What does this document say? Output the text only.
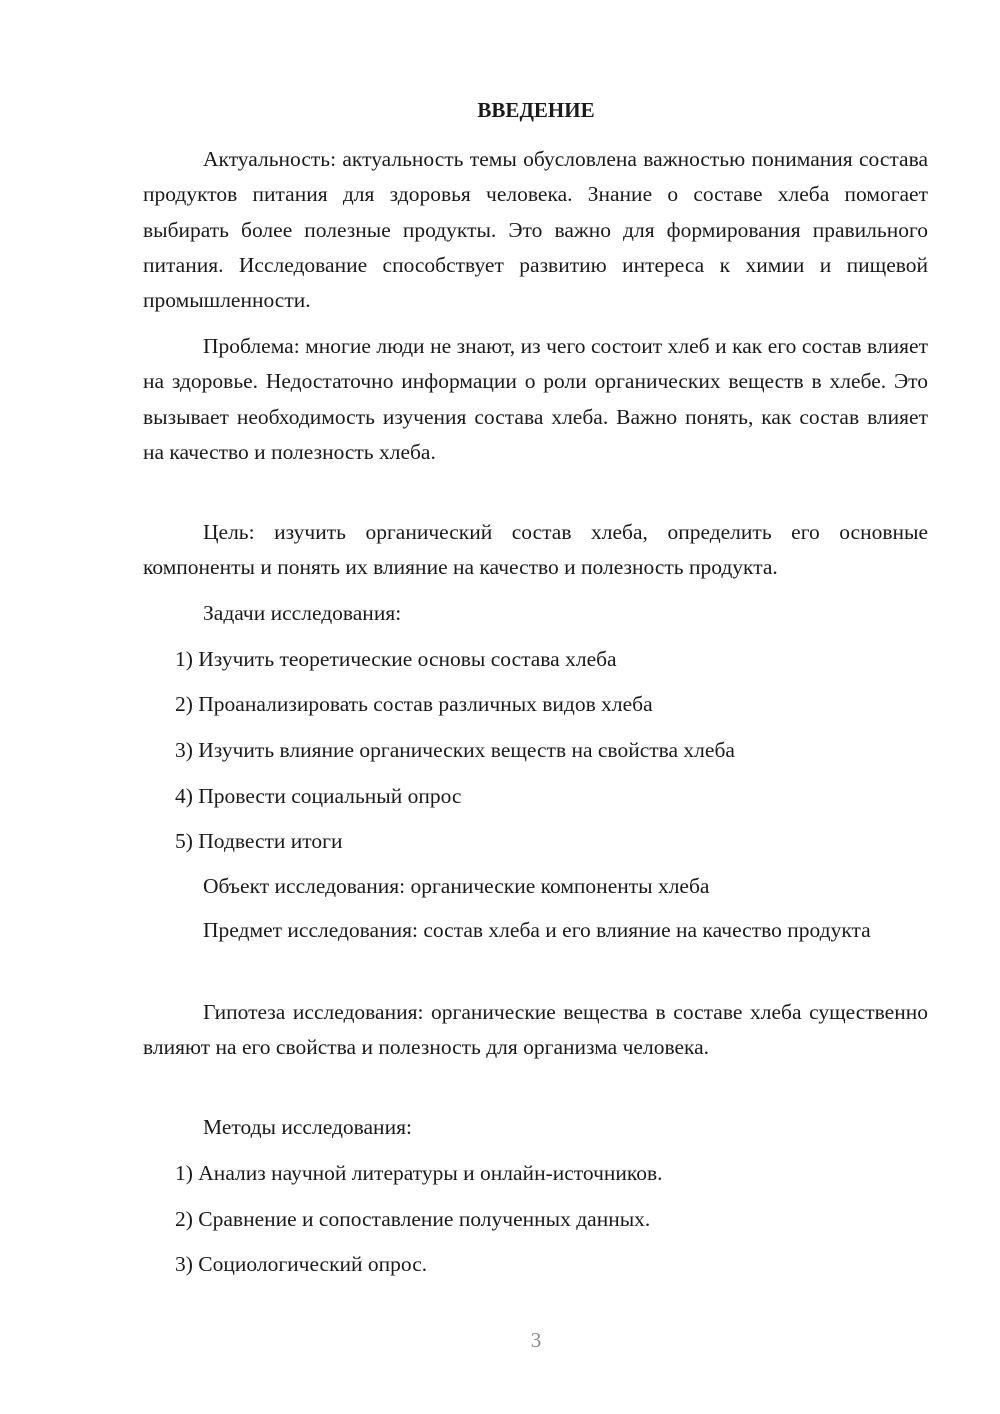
ВВЕДЕНИЕ

Актуальность: актуальность темы обусловлена важностью понимания состава продуктов питания для здоровья человека. Знание о составе хлеба помогает выбирать более полезные продукты. Это важно для формирования правильного питания. Исследование способствует развитию интереса к химии и пищевой промышленности.

Проблема: многие люди не знают, из чего состоит хлеб и как его состав влияет на здоровье. Недостаточно информации о роли органических веществ в хлебе. Это вызывает необходимость изучения состава хлеба. Важно понять, как состав влияет на качество и полезность хлеба.

Цель: изучить органический состав хлеба, определить его основные компоненты и понять их влияние на качество и полезность продукта.

Задачи исследования:

1) Изучить теоретические основы состава хлеба

2) Проанализировать состав различных видов хлеба

3) Изучить влияние органических веществ на свойства хлеба

4) Провести социальный опрос

5) Подвести итоги

Объект исследования: органические компоненты хлеба

Предмет исследования: состав хлеба и его влияние на качество продукта

Гипотеза исследования: органические вещества в составе хлеба существенно влияют на его свойства и полезность для организма человека.

Методы исследования:

1) Анализ научной литературы и онлайн-источников.

2) Сравнение и сопоставление полученных данных.

3) Социологический опрос.

3
